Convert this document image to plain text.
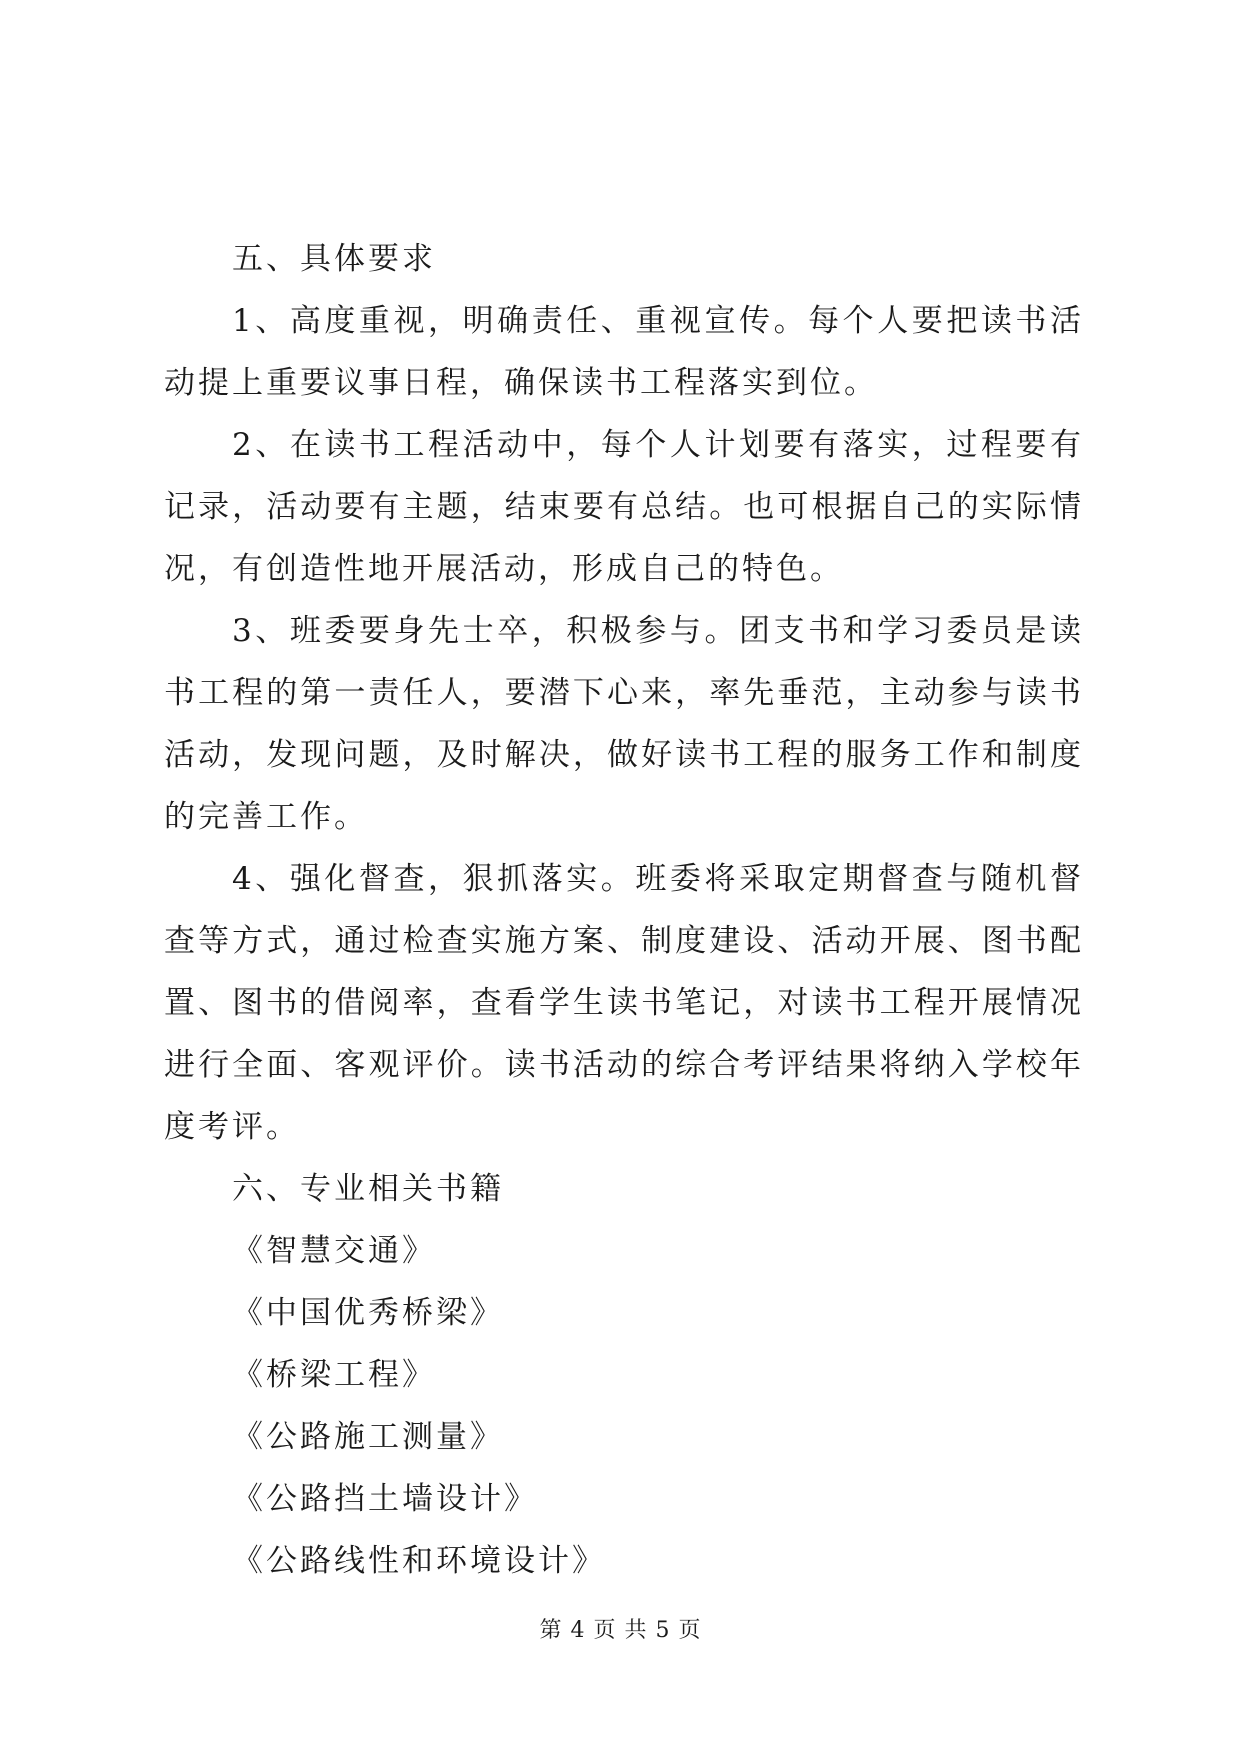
五、具体要求

1、高度重视，明确责任、重视宣传。每个人要把读书活动提上重要议事日程，确保读书工程落实到位。

2、在读书工程活动中，每个人计划要有落实，过程要有记录，活动要有主题，结束要有总结。也可根据自己的实际情况，有创造性地开展活动，形成自己的特色。

3、班委要身先士卒，积极参与。团支书和学习委员是读书工程的第一责任人，要潜下心来，率先垂范，主动参与读书活动，发现问题，及时解决，做好读书工程的服务工作和制度的完善工作。

4、强化督查，狠抓落实。班委将采取定期督查与随机督查等方式，通过检查实施方案、制度建设、活动开展、图书配置、图书的借阅率，查看学生读书笔记，对读书工程开展情况进行全面、客观评价。读书活动的综合考评结果将纳入学校年度考评。

六、专业相关书籍

《智慧交通》

《中国优秀桥梁》

《桥梁工程》

《公路施工测量》

《公路挡土墙设计》

《公路线性和环境设计》

第 4 页 共 5 页
